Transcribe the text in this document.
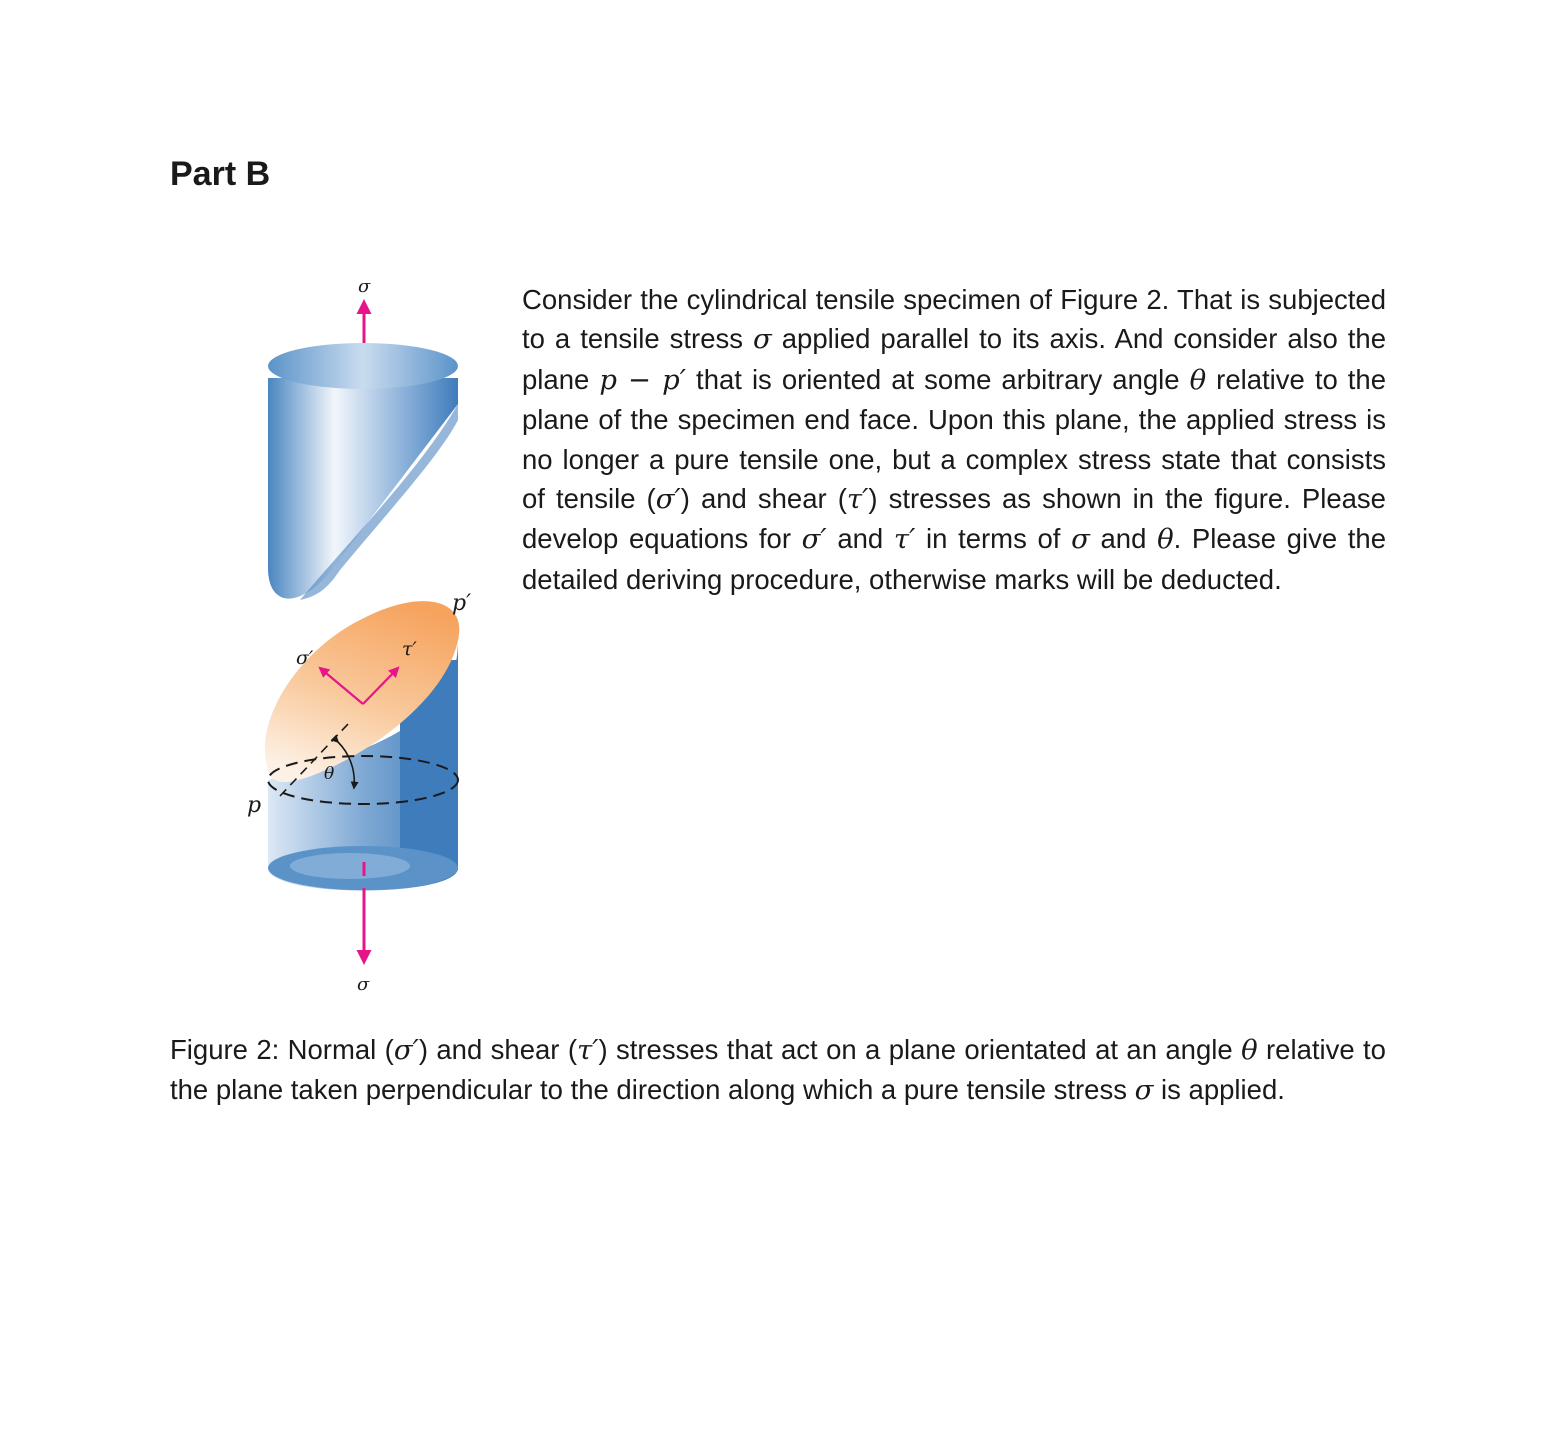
Part B
σ
θ
σ′	τ′
p′
p
σ

Consider the cylindrical tensile specimen of Figure 2. That is subjected to a tensile stress σ applied parallel to its axis. And consider also the plane p − p′ that is oriented at some arbitrary angle θ relative to the plane of the specimen end face. Upon this plane, the applied stress is no longer a pure tensile one, but a complex stress state that consists of tensile (σ′) and shear (τ′) stresses as shown in the figure. Please develop equations for σ′ and τ′ in terms of σ and θ. Please give the detailed deriving procedure, otherwise marks will be deducted.

Figure 2: Normal (σ′) and shear (τ′) stresses that act on a plane orientated at an angle θ relative to the plane taken perpendicular to the direction along which a pure tensile stress σ is applied.
